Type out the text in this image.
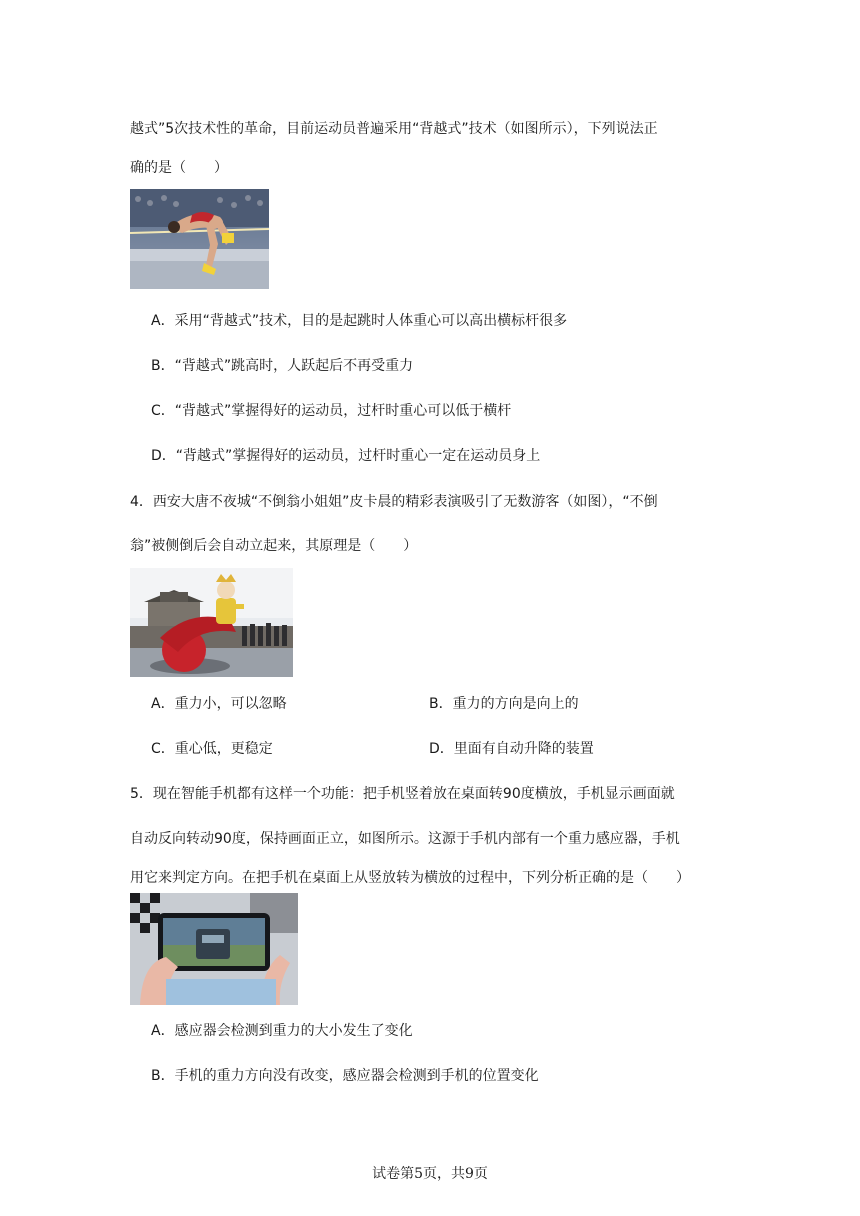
越式”5次技术性的革命，目前运动员普遍采用“背越式”技术（如图所示），下列说法正
确的是（　　）
A．采用“背越式”技术，目的是起跳时人体重心可以高出横标杆很多
B．“背越式”跳高时，人跃起后不再受重力
C．“背越式”掌握得好的运动员，过杆时重心可以低于横杆
D．“背越式”掌握得好的运动员，过杆时重心一定在运动员身上
4．西安大唐不夜城“不倒翁小姐姐”皮卡晨的精彩表演吸引了无数游客（如图），“不倒
翁”被侧倒后会自动立起来，其原理是（　　）
A．重力小，可以忽略	B．重力的方向是向上的
C．重心低，更稳定	D．里面有自动升降的装置
5．现在智能手机都有这样一个功能：把手机竖着放在桌面转90度横放，手机显示画面就
自动反向转动90度，保持画面正立，如图所示。这源于手机内部有一个重力感应器，手机
用它来判定方向。在把手机在桌面上从竖放转为横放的过程中，下列分析正确的是（　　）
A．感应器会检测到重力的大小发生了变化
B．手机的重力方向没有改变，感应器会检测到手机的位置变化
试卷第5页，共9页
